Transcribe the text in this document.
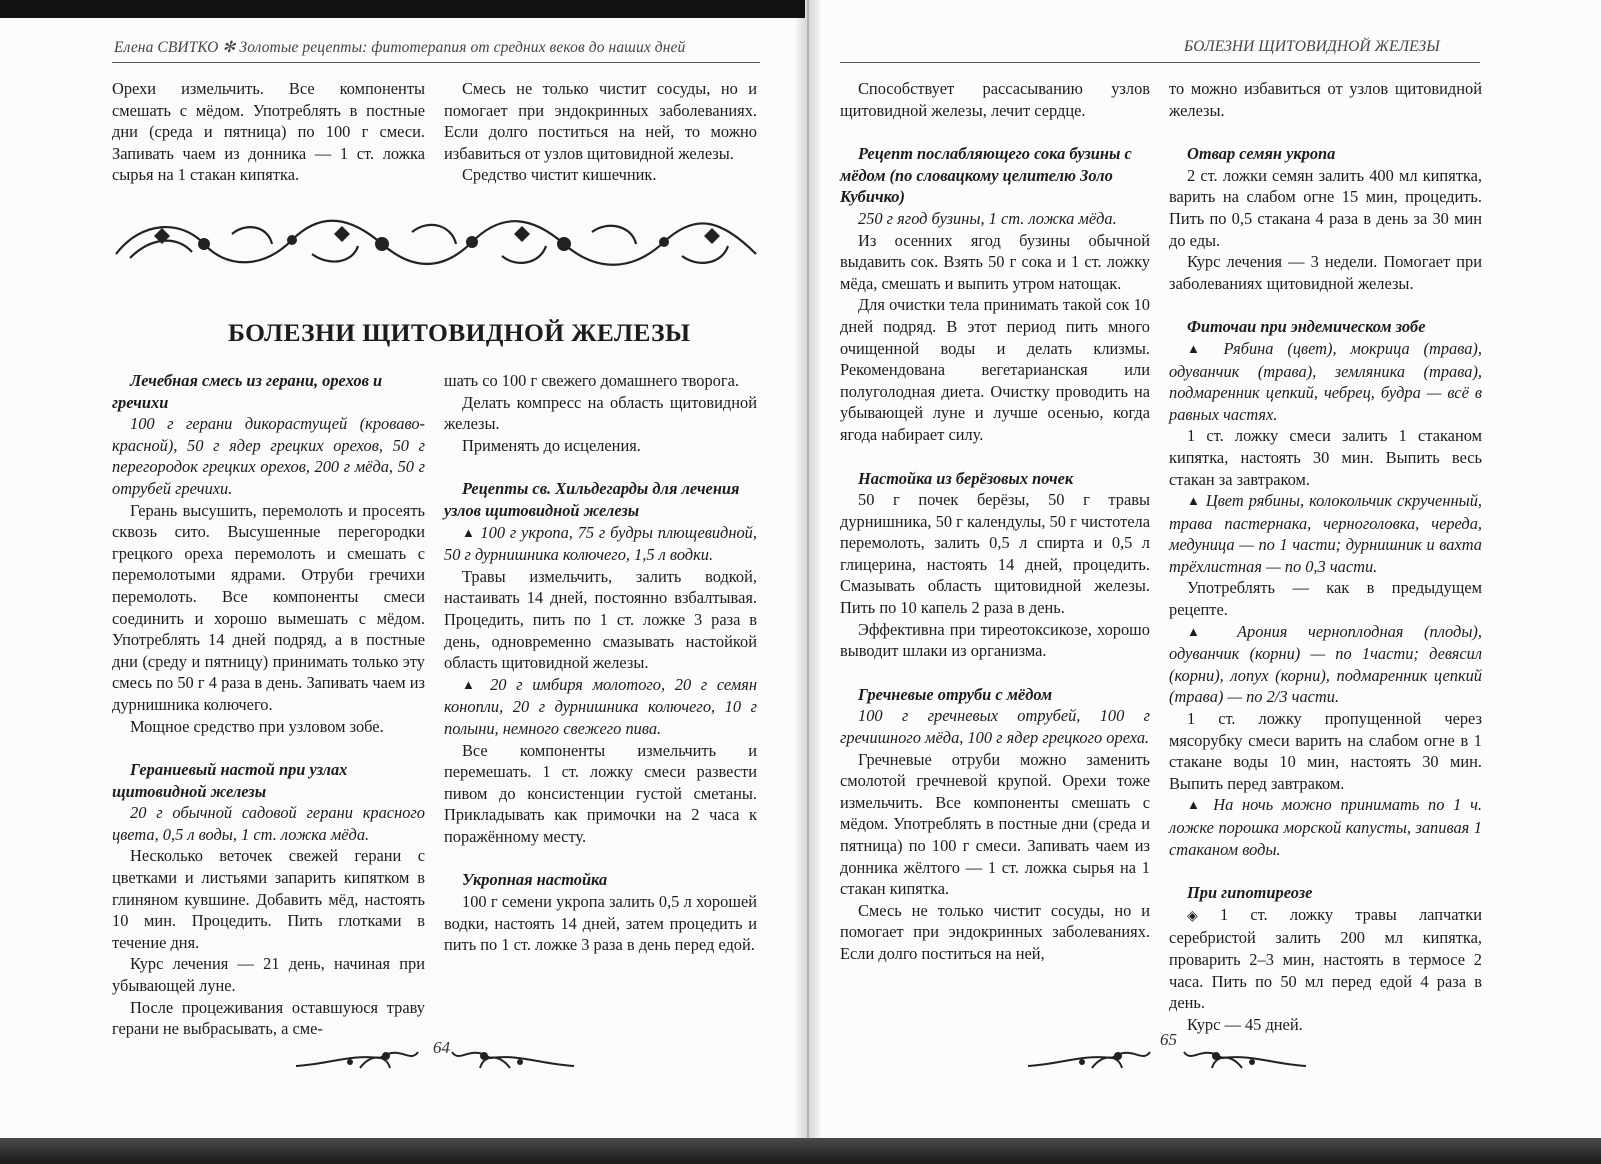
Елена СВИТКО ✻ Золотые рецепты: фитотерапия от средних веков до наших дней

Орехи измельчить. Все компоненты смешать с мёдом. Употреблять в постные дни (среда и пятница) по 100 г смеси. Запивать чаем из донника — 1 ст. ложка сырья на 1 стакан кипятка.

Смесь не только чистит сосуды, но и помогает при эндокринных заболеваниях. Если долго поститься на ней, то можно избавиться от узлов щитовидной железы.

Средство чистит кишечник.

БОЛЕЗНИ ЩИТОВИДНОЙ ЖЕЛЕЗЫ
Лечебная смесь из герани, орехов и гречихи

100 г герани дикорастущей (кроваво-красной), 50 г ядер грецких орехов, 50 г перегородок грецких орехов, 200 г мёда, 50 г отрубей гречихи.

Герань высушить, перемолоть и просеять сквозь сито. Высушенные перегородки грецкого ореха перемолоть и смешать с перемолотыми ядрами. Отруби гречихи перемолоть. Все компоненты смеси соединить и хорошо вымешать с мёдом. Употреблять 14 дней подряд, а в постные дни (среду и пятницу) принимать только эту смесь по 50 г 4 раза в день. Запивать чаем из дурнишника колючего.

Мощное средство при узловом зобе.

Гераниевый настой при узлах щитовидной железы

20 г обычной садовой герани красного цвета, 0,5 л воды, 1 ст. ложка мёда.

Несколько веточек свежей герани с цветками и листьями запарить кипятком в глиняном кувшине. Добавить мёд, настоять 10 мин. Процедить. Пить глотками в течение дня.

Курс лечения — 21 день, начиная при убывающей луне.

После процеживания оставшуюся траву герани не выбрасывать, а сме-

шать со 100 г свежего домашнего творога.

Делать компресс на область щитовидной железы.

Применять до исцеления.

Рецепты св. Хильдегарды для лечения узлов щитовидной железы

▲ 100 г укропа, 75 г будры плющевидной, 50 г дурнишника колючего, 1,5 л водки.

Травы измельчить, залить водкой, настаивать 14 дней, постоянно взбалтывая. Процедить, пить по 1 ст. ложке 3 раза в день, одновременно смазывать настойкой область щитовидной железы.

▲ 20 г имбиря молотого, 20 г семян конопли, 20 г дурнишника колючего, 10 г полыни, немного свежего пива.

Все компоненты измельчить и перемешать. 1 ст. ложку смеси развести пивом до консистенции густой сметаны. Прикладывать как примочки на 2 часа к поражённому месту.

Укропная настойка

100 г семени укропа залить 0,5 л хорошей водки, настоять 14 дней, затем процедить и пить по 1 ст. ложке 3 раза в день перед едой.

64
БОЛЕЗНИ ЩИТОВИДНОЙ ЖЕЛЕЗЫ

Способствует рассасыванию узлов щитовидной железы, лечит сердце.

Рецепт послабляющего сока бузины с мёдом (по словацкому целителю Золо Кубичко)

250 г ягод бузины, 1 ст. ложка мёда.

Из осенних ягод бузины обычной выдавить сок. Взять 50 г сока и 1 ст. ложку мёда, смешать и выпить утром натощак.

Для очистки тела принимать такой сок 10 дней подряд. В этот период пить много очищенной воды и делать клизмы. Рекомендована вегетарианская или полуголодная диета. Очистку проводить на убывающей луне и лучше осенью, когда ягода набирает силу.

Настойка из берёзовых почек

50 г почек берёзы, 50 г травы дурнишника, 50 г календулы, 50 г чистотела перемолоть, залить 0,5 л спирта и 0,5 л глицерина, настоять 14 дней, процедить. Смазывать область щитовидной железы. Пить по 10 капель 2 раза в день.

Эффективна при тиреотоксикозе, хорошо выводит шлаки из организма.

Гречневые отруби с мёдом

100 г гречневых отрубей, 100 г гречишного мёда, 100 г ядер грецкого ореха.

Гречневые отруби можно заменить смолотой гречневой крупой. Орехи тоже измельчить. Все компоненты смешать с мёдом. Употреблять в постные дни (среда и пятница) по 100 г смеси. Запивать чаем из донника жёлтого — 1 ст. ложка сырья на 1 стакан кипятка.

Смесь не только чистит сосуды, но и помогает при эндокринных заболеваниях. Если долго поститься на ней,

то можно избавиться от узлов щитовидной железы.

Отвар семян укропа

2 ст. ложки семян залить 400 мл кипятка, варить на слабом огне 15 мин, процедить. Пить по 0,5 стакана 4 раза в день за 30 мин до еды.

Курс лечения — 3 недели. Помогает при заболеваниях щитовидной железы.

Фиточаи при эндемическом зобе

▲ Рябина (цвет), мокрица (трава), одуванчик (трава), земляника (трава), подмаренник цепкий, чебрец, будра — всё в равных частях.

1 ст. ложку смеси залить 1 стаканом кипятка, настоять 30 мин. Выпить весь стакан за завтраком.

▲ Цвет рябины, колокольчик скрученный, трава пастернака, черноголовка, череда, медуница — по 1 части; дурнишник и вахта трёхлистная — по 0,3 части.

Употреблять — как в предыдущем рецепте.

▲ Арония черноплодная (плоды), одуванчик (корни) — по 1части; девясил (корни), лопух (корни), подмаренник цепкий (трава) — по 2/3 части.

1 ст. ложку пропущенной через мясорубку смеси варить на слабом огне в 1 стакане воды 10 мин, настоять 30 мин. Выпить перед завтраком.

▲ На ночь можно принимать по 1 ч. ложке порошка морской капусты, запивая 1 стаканом воды.

При гипотиреозе

◈ 1 ст. ложку травы лапчатки серебристой залить 200 мл кипятка, проварить 2–3 мин, настоять в термосе 2 часа. Пить по 50 мл перед едой 4 раза в день.

Курс — 45 дней.

65
